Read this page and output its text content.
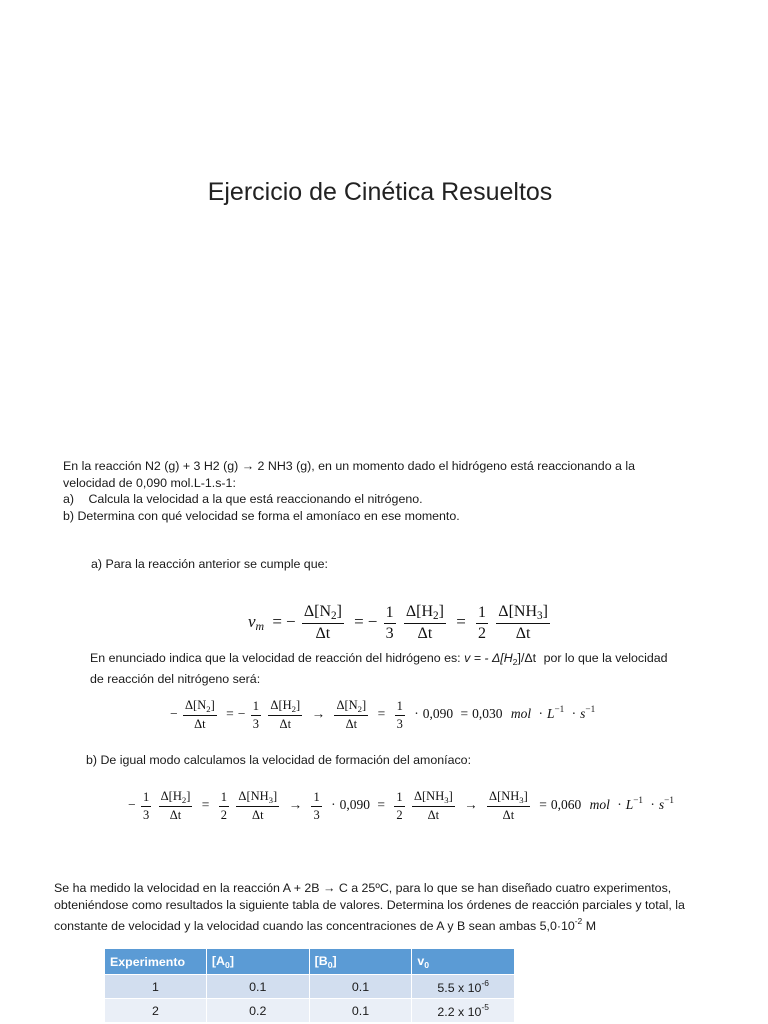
Ejercicio de Cinética Resueltos
En la reacción N2 (g) + 3 H2 (g) → 2 NH3 (g), en un momento dado el hidrógeno está reaccionando a la
velocidad de 0,090 mol.L-1.s-1:
a) Calcula la velocidad a la que está reaccionando el nitrógeno.
b) Determina con qué velocidad se forma el amoníaco en ese momento.
a) Para la reacción anterior se cumple que:
$v_m$ = − $\frac{\Delta[N_2]}{\Delta t}$ = − $\frac{1}{3}$
$\frac{\Delta[H_2]}{\Delta t} = \frac{1}{2}$
$\frac{\Delta[NH_3]}{\Delta t}$
En enunciado indica que la velocidad de reacción del hidrógeno es: v = - $\Delta[H_2]/\Delta t$ por lo que la velocidad
de reacción del nitrógeno será:
− $\frac{\Delta[N_2]}{\Delta t}$ = − $\frac{1}{3}$
$\frac{\Delta[H_2]}{\Delta t} \to \frac{\Delta[N_2]}{\Delta t} = \frac{1}{3} \cdot 0,090 = 0,030$ mol · $L^{-1} \cdot s^{-1}$
b) De igual modo calculamos la velocidad de formación del amoníaco:
− $\frac{1}{3}$
$\frac{\Delta[H_2]}{\Delta t} = \frac{1}{2}$
$\frac{\Delta[NH_3]}{\Delta t} \to \frac{1}{3} \cdot 0,090 = \frac{1}{2}$
$\frac{\Delta[NH_3]}{\Delta t} \to \frac{\Delta[NH_3]}{\Delta t} = 0,060$ mol · $L^{-1} \cdot s^{-1}$
Se ha medido la velocidad en la reacción A + 2B → C a 25ºC, para lo que se han diseñado cuatro experimentos,
obteniéndose como resultados la siguiente tabla de valores. Determina los órdenes de reacción parciales y total, la
constante de velocidad y la velocidad cuando las concentraciones de A y B sean ambas $5,0\cdot 10^{-2}$ M
Experimento	$[A_0]$	$[B_0]$	$v_0$
1	0.1	0.1	5.5 x $10^{-6}$
2	0.2	0.1	2.2 x $10^{-5}$
